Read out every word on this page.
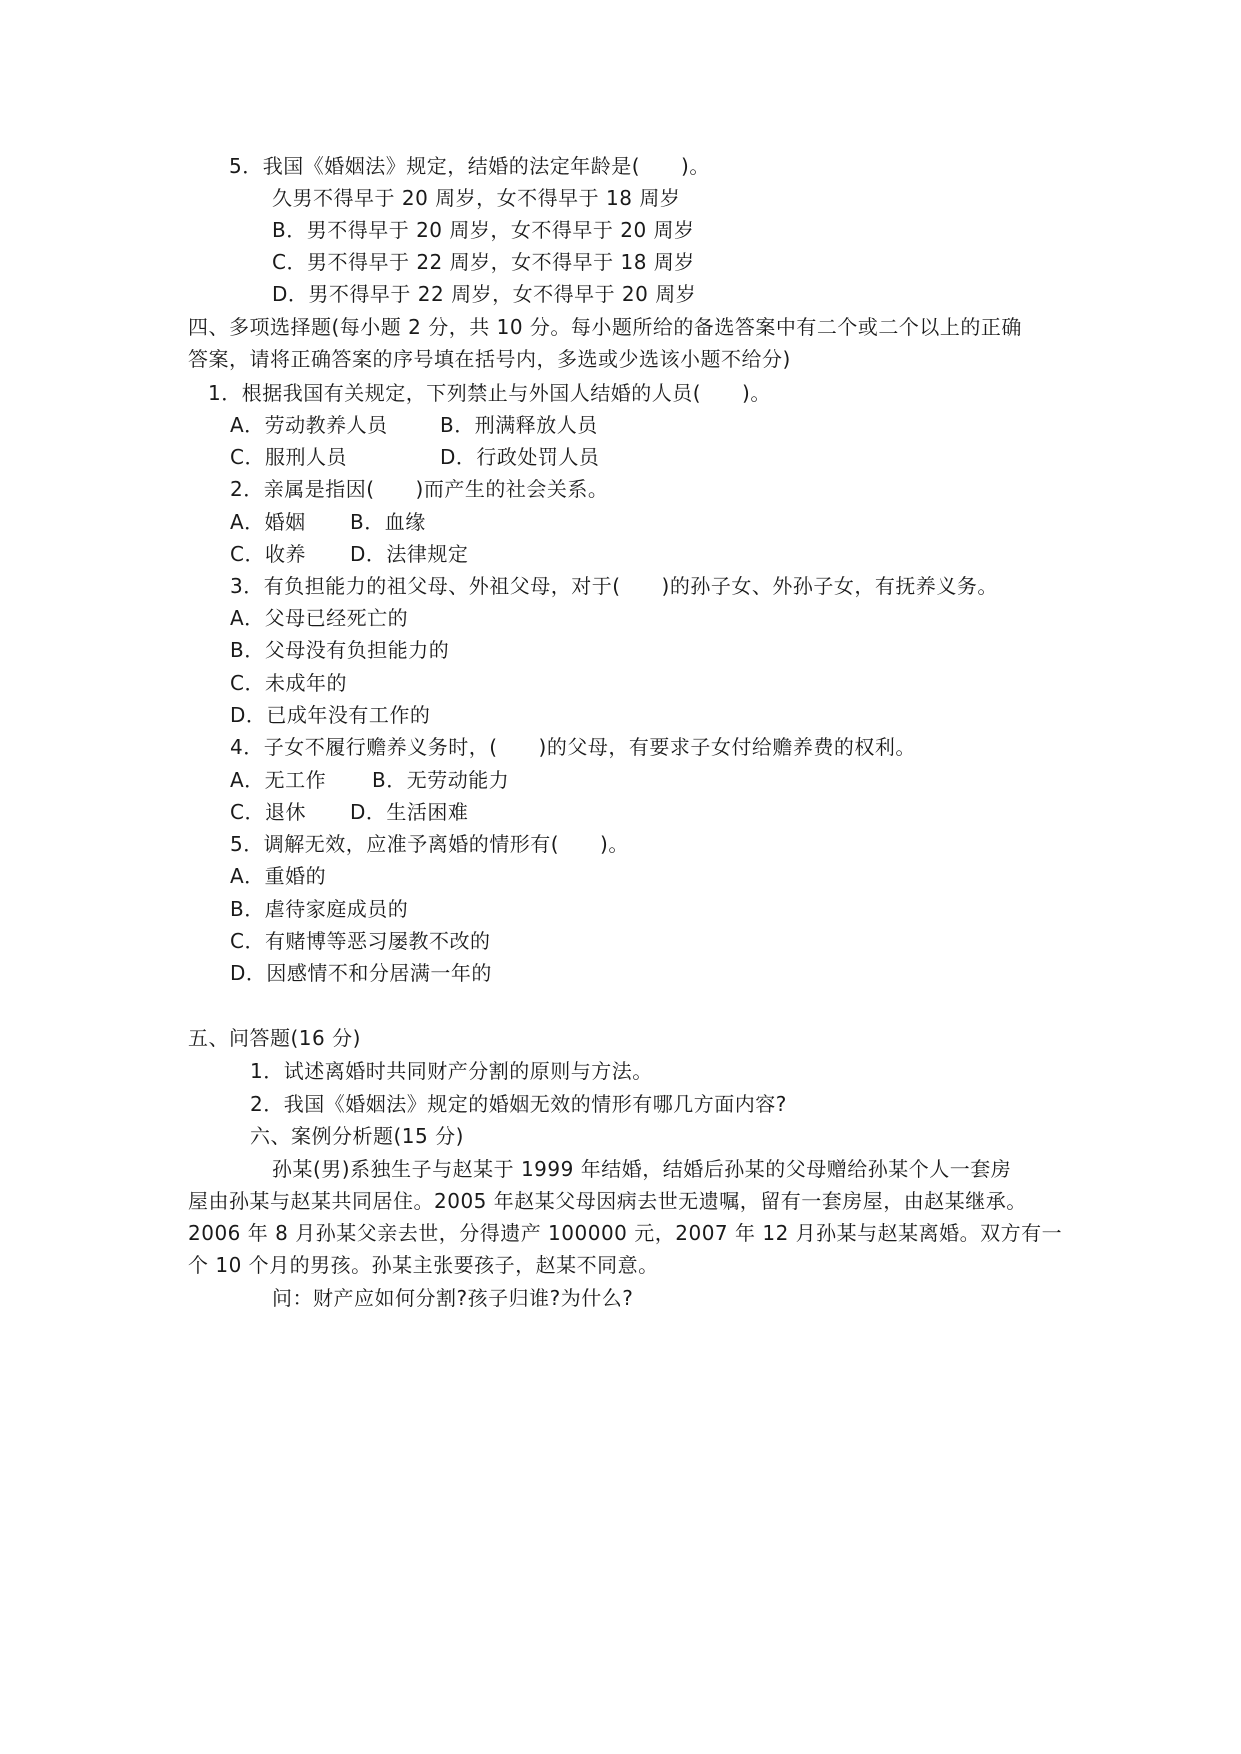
5．我国《婚姻法》规定，结婚的法定年龄是(　　)。
久男不得早于 20 周岁，女不得早于 18 周岁
B．男不得早于 20 周岁，女不得早于 20 周岁
C．男不得早于 22 周岁，女不得早于 18 周岁
D．男不得早于 22 周岁，女不得早于 20 周岁
四、多项选择题(每小题 2 分，共 10 分。每小题所给的备选答案中有二个或二个以上的正确
答案，请将正确答案的序号填在括号内，多选或少选该小题不给分)
1．根据我国有关规定，下列禁止与外国人结婚的人员(　　)。
A．劳动教养人员	B．刑满释放人员
C．服刑人员	D．行政处罚人员
2．亲属是指因(　　)而产生的社会关系。
A．婚姻 B．血缘
C．收养 D．法律规定
3．有负担能力的祖父母、外祖父母，对于(　　)的孙子女、外孙子女，有抚养义务。
A．父母已经死亡的
B．父母没有负担能力的
C．未成年的
D．已成年没有工作的
4．子女不履行赡养义务时，(　　)的父母，有要求子女付给赡养费的权利。
A．无工作 B．无劳动能力
C．退休 D．生活困难
5．调解无效，应准予离婚的情形有(　　)。
A．重婚的
B．虐待家庭成员的
C．有赌博等恶习屡教不改的
D．因感情不和分居满一年的
五、问答题(16 分)
1．试述离婚时共同财产分割的原则与方法。
2．我国《婚姻法》规定的婚姻无效的情形有哪几方面内容?
六、案例分析题(15 分)
孙某(男)系独生子与赵某于 1999 年结婚，结婚后孙某的父母赠给孙某个人一套房
屋由孙某与赵某共同居住。2005 年赵某父母因病去世无遗嘱，留有一套房屋，由赵某继承。
2006 年 8 月孙某父亲去世，分得遗产 100000 元，2007 年 12 月孙某与赵某离婚。双方有一
个 10 个月的男孩。孙某主张要孩子，赵某不同意。
问：财产应如何分割?孩子归谁?为什么?
